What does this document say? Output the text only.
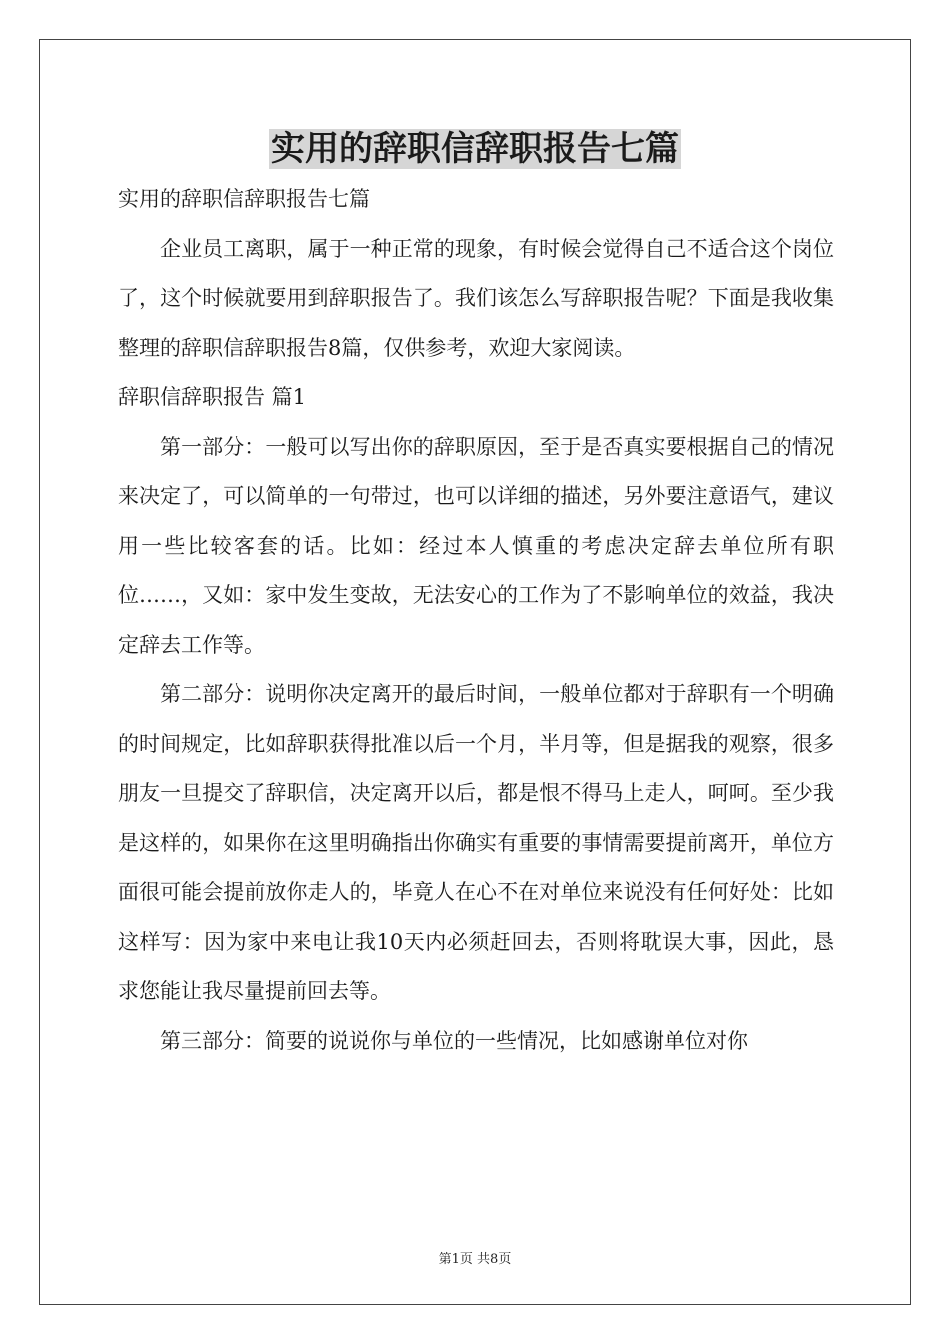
实用的辞职信辞职报告七篇
实用的辞职信辞职报告七篇

企业员工离职，属于一种正常的现象，有时候会觉得自己不适合这个岗位了，这个时候就要用到辞职报告了。我们该怎么写辞职报告呢？下面是我收集整理的辞职信辞职报告8篇，仅供参考，欢迎大家阅读。

辞职信辞职报告 篇1

第一部分：一般可以写出你的辞职原因，至于是否真实要根据自己的情况来决定了，可以简单的一句带过，也可以详细的描述，另外要注意语气，建议用一些比较客套的话。比如：经过本人慎重的考虑决定辞去单位所有职位……，又如：家中发生变故，无法安心的工作为了不影响单位的效益，我决定辞去工作等。

第二部分：说明你决定离开的最后时间，一般单位都对于辞职有一个明确的时间规定，比如辞职获得批准以后一个月，半月等，但是据我的观察，很多朋友一旦提交了辞职信，决定离开以后，都是恨不得马上走人，呵呵。至少我是这样的，如果你在这里明确指出你确实有重要的事情需要提前离开，单位方面很可能会提前放你走人的，毕竟人在心不在对单位来说没有任何好处：比如这样写：因为家中来电让我10天内必须赶回去，否则将耽误大事，因此，恳求您能让我尽量提前回去等。

第三部分：简要的说说你与单位的一些情况，比如感谢单位对你

第1页 共8页
